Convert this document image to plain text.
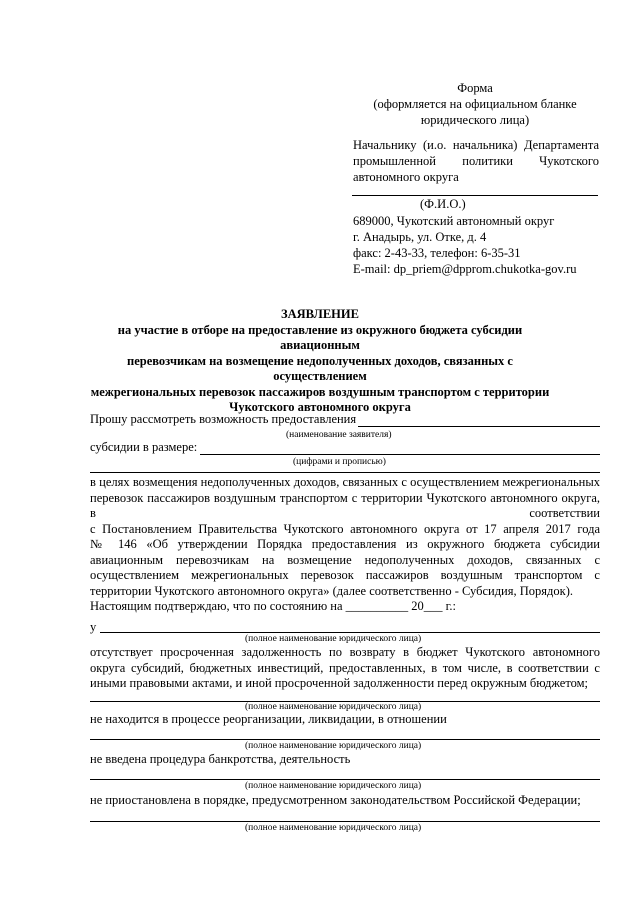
Форма
(оформляется на официальном бланке
юридического лица)
Начальнику (и.о. начальника) Департамента
промышленной политики Чукотского
автономного округа
(Ф.И.О.)
689000, Чукотский автономный округ
г. Анадырь, ул. Отке, д. 4
факс: 2-43-33, телефон: 6-35-31
E-mail: dp_priem@dpprom.chukotka-gov.ru
ЗАЯВЛЕНИЕ
на участие в отборе на предоставление из окружного бюджета субсидии авиационным
перевозчикам на возмещение недополученных доходов, связанных с осуществлением
межрегиональных перевозок пассажиров воздушным транспортом с территории
Чукотского автономного округа
Прошу рассмотреть возможность предоставления
(наименование заявителя)
субсидии в размере:
(цифрами и прописью)
в целях возмещения недополученных доходов, связанных с осуществлением межрегиональных
перевозок пассажиров воздушным транспортом с территории Чукотского автономного округа,
в	соответствии
с Постановлением Правительства Чукотского автономного округа от 17 апреля 2017 года
№ 146 «Об утверждении Порядка предоставления из окружного бюджета субсидии
авиационным перевозчикам на возмещение недополученных доходов, связанных с
осуществлением межрегиональных перевозок пассажиров воздушным транспортом с
территории Чукотского автономного округа» (далее соответственно - Субсидия, Порядок).
Настоящим подтверждаю, что по состоянию на __________ 20___ г.:
у
(полное наименование юридического лица)
отсутствует просроченная задолженность по возврату в бюджет Чукотского автономного
округа субсидий, бюджетных инвестиций, предоставленных, в том числе, в соответствии с
иными правовыми актами, и иной просроченной задолженности перед окружным бюджетом;
(полное наименование юридического лица)
не находится в процессе реорганизации, ликвидации, в отношении
(полное наименование юридического лица)
не введена процедура банкротства, деятельность
(полное наименование юридического лица)
не приостановлена в порядке, предусмотренном законодательством Российской Федерации;
(полное наименование юридического лица)
